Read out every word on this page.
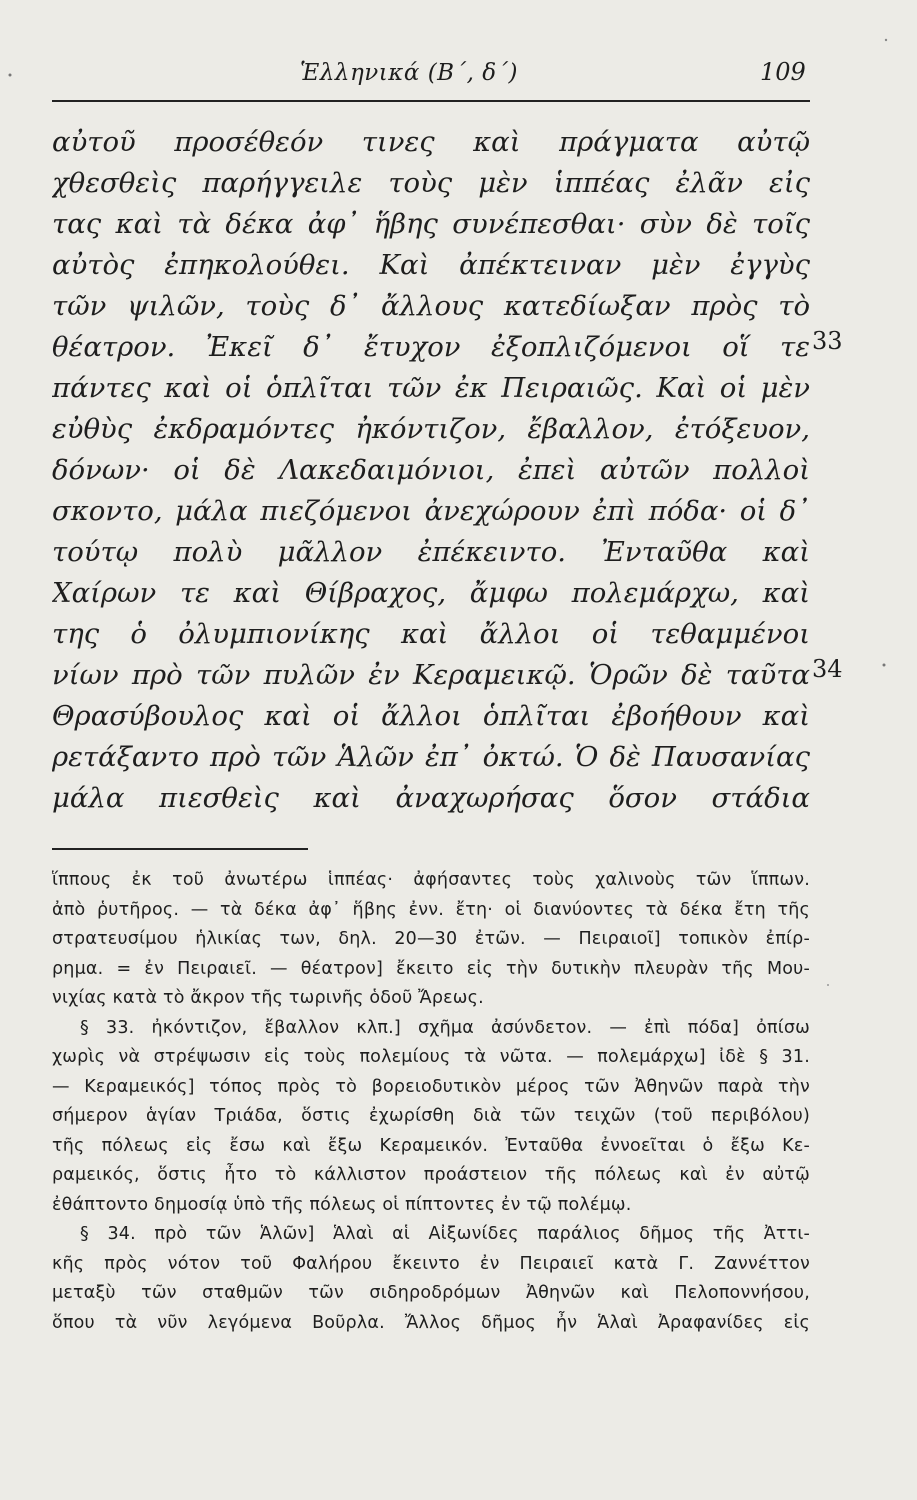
Ἑλληνικά (Β΄, δ΄)	109
αὐτοῦ προσέθεόν τινες καὶ πράγματα αὐτῷ
χθεσθεὶς παρήγγειλε τοὺς μὲν ἱππέας ἐλᾶν εἰς
τας καὶ τὰ δέκα ἀφ᾽ ἥβης συνέπεσθαι· σὺν δὲ τοῖς
αὐτὸς ἐπηκολούθει. Καὶ ἀπέκτειναν μὲν ἐγγὺς
τῶν ψιλῶν, τοὺς δ᾽ ἄλλους κατεδίωξαν πρὸς τὸ
θέατρον. Ἐκεῖ δ᾽ ἔτυχον ἐξοπλιζόμενοι οἵ τε
πάντες καὶ οἱ ὁπλῖται τῶν ἐκ Πειραιῶς. Καὶ οἱ μὲν
εὐθὺς ἐκδραμόντες ἠκόντιζον, ἔβαλλον, ἐτόξευον,
δόνων· οἱ δὲ Λακεδαιμόνιοι, ἐπεὶ αὐτῶν πολλοὶ
σκοντο, μάλα πιεζόμενοι ἀνεχώρουν ἐπὶ πόδα· οἱ δ᾽
τούτῳ πολὺ μᾶλλον ἐπέκειντο. Ἐνταῦθα καὶ
Χαίρων τε καὶ Θίβραχος, ἄμφω πολεμάρχω, καὶ
της ὁ ὀλυμπιονίκης καὶ ἄλλοι οἱ τεθαμμένοι
νίων πρὸ τῶν πυλῶν ἐν Κεραμεικῷ. Ὁρῶν δὲ ταῦτα
Θρασύβουλος καὶ οἱ ἄλλοι ὁπλῖται ἐβοήθουν καὶ
ρετάξαντο πρὸ τῶν Ἁλῶν ἐπ᾽ ὀκτώ. Ὁ δὲ Παυσανίας
μάλα πιεσθεὶς καὶ ἀναχωρήσας ὅσον στάδια
33
34
ἵππους ἐκ τοῦ ἀνωτέρω ἱππέας· ἀφήσαντες τοὺς χαλινοὺς τῶν ἵππων.
ἀπὸ ῥυτῆρος. — τὰ δέκα ἀφ᾽ ἥβης ἐνν. ἔτη· οἱ διανύοντες τὰ δέκα ἔτη τῆς
στρατευσίμου ἡλικίας των, δηλ. 20—30 ἐτῶν. — Πειραιοῖ] τοπικὸν ἐπίρ-
ρημα. = ἐν Πειραιεῖ. — θέατρον] ἔκειτο εἰς τὴν δυτικὴν πλευρὰν τῆς Μου-
νιχίας κατὰ τὸ ἄκρον τῆς τωρινῆς ὁδοῦ Ἄρεως.
§ 33. ἠκόντιζον, ἔβαλλον κλπ.] σχῆμα ἀσύνδετον. — ἐπὶ πόδα] ὀπίσω
χωρὶς νὰ στρέψωσιν εἰς τοὺς πολεμίους τὰ νῶτα. — πολεμάρχω] ἰδὲ § 31.
— Κεραμεικός] τόπος πρὸς τὸ βορειοδυτικὸν μέρος τῶν Ἀθηνῶν παρὰ τὴν
σήμερον ἁγίαν Τριάδα, ὅστις ἐχωρίσθη διὰ τῶν τειχῶν (τοῦ περιβόλου)
τῆς πόλεως εἰς ἔσω καὶ ἔξω Κεραμεικόν. Ἐνταῦθα ἐννοεῖται ὁ ἔξω Κε-
ραμεικός, ὅστις ἦτο τὸ κάλλιστον προάστειον τῆς πόλεως καὶ ἐν αὐτῷ
ἐθάπτοντο δημοσίᾳ ὑπὸ τῆς πόλεως οἱ πίπτοντες ἐν τῷ πολέμῳ.
§ 34. πρὸ τῶν Ἁλῶν] Ἁλαὶ αἱ Αἰξωνίδες παράλιος δῆμος τῆς Ἀττι-
κῆς πρὸς νότον τοῦ Φαλήρου ἔκειντο ἐν Πειραιεῖ κατὰ Γ. Ζαννέττον
μεταξὺ τῶν σταθμῶν τῶν σιδηροδρόμων Ἀθηνῶν καὶ Πελοποννήσου,
ὅπου τὰ νῦν λεγόμενα Βοῦρλα. Ἄλλος δῆμος ἦν Ἁλαὶ Ἀραφανίδες εἰς
